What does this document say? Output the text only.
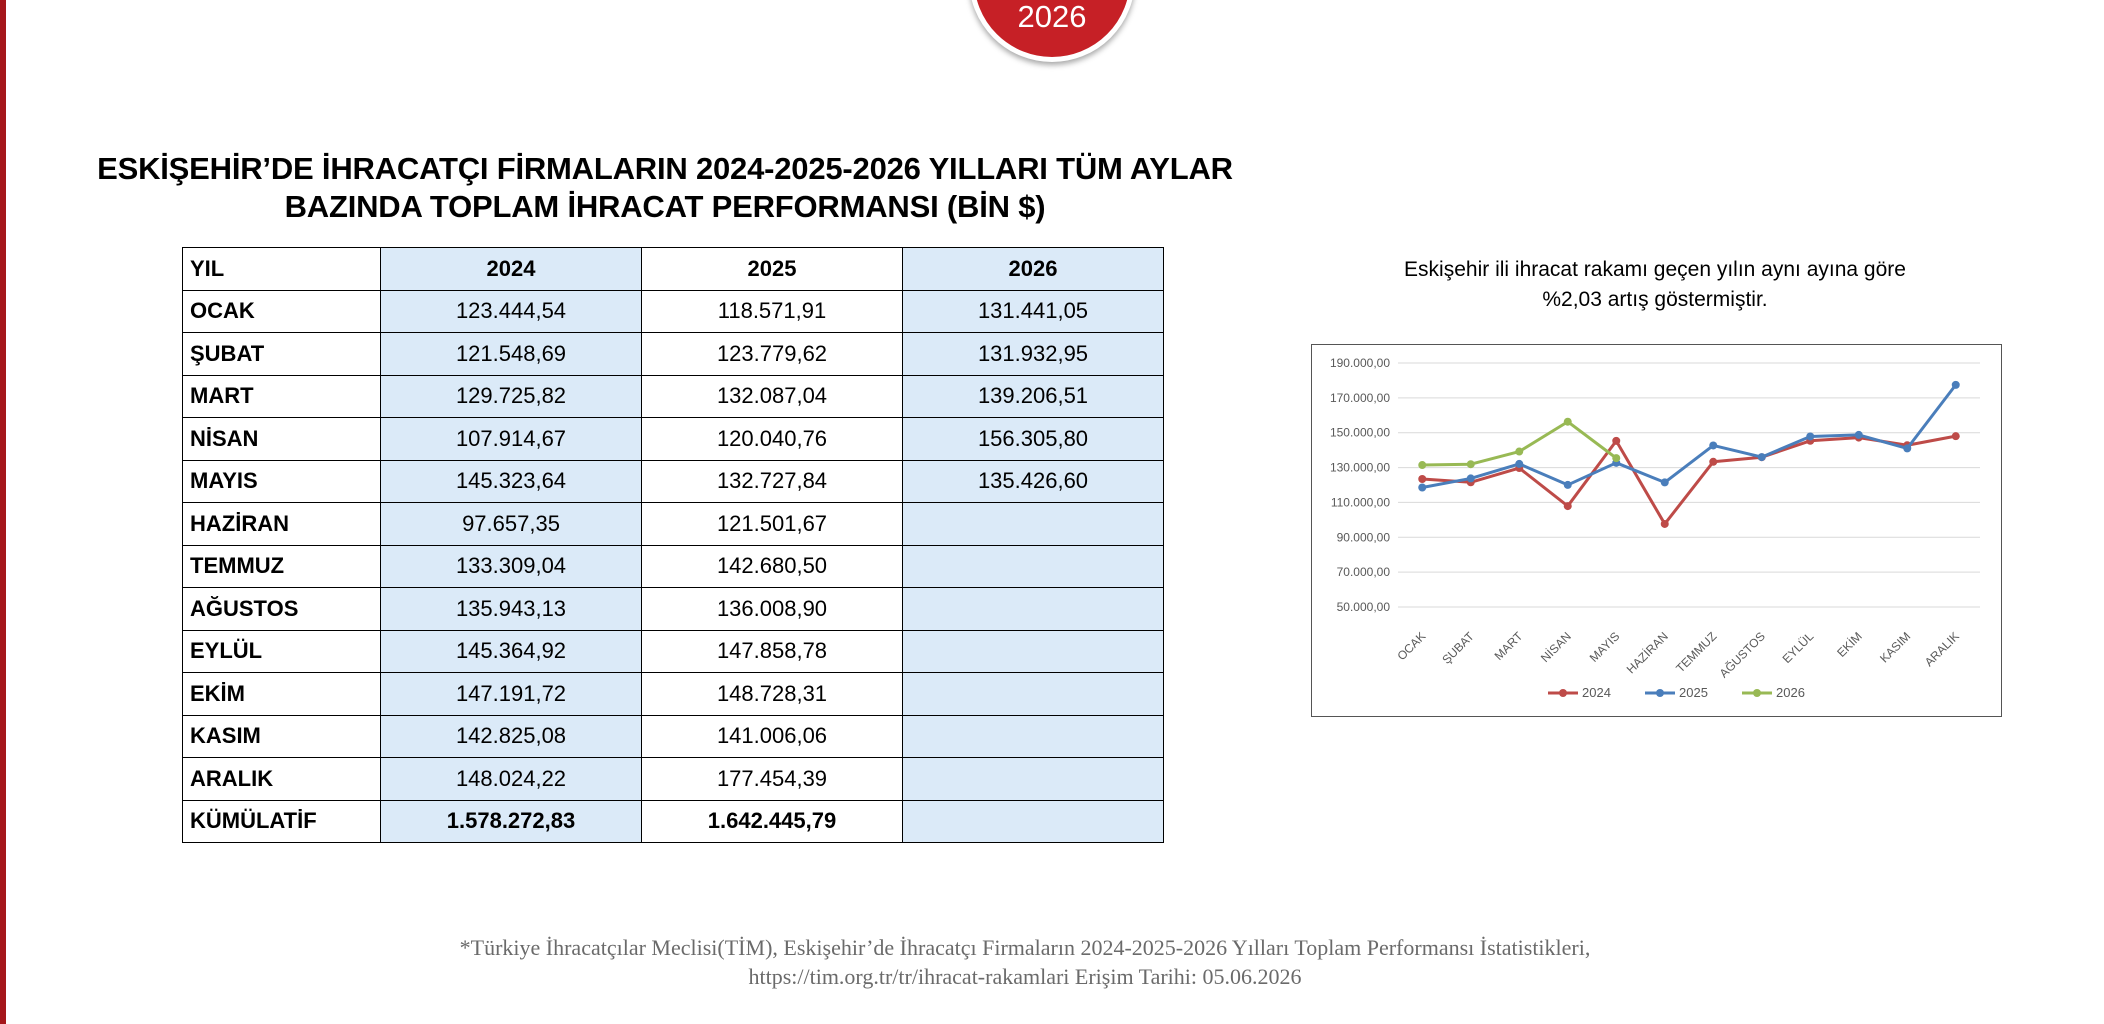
2026
ESKİŞEHİR’DE İHRACATÇI FİRMALARIN 2024-2025-2026 YILLARI TÜM AYLAR
BAZINDA TOPLAM İHRACAT PERFORMANSI (BİN $)
YIL	2024	2025	2026
OCAK	123.444,54	118.571,91	131.441,05
ŞUBAT	121.548,69	123.779,62	131.932,95
MART	129.725,82	132.087,04	139.206,51
NİSAN	107.914,67	120.040,76	156.305,80
MAYIS	145.323,64	132.727,84	135.426,60
HAZİRAN	97.657,35	121.501,67	
TEMMUZ	133.309,04	142.680,50	
AĞUSTOS	135.943,13	136.008,90	
EYLÜL	145.364,92	147.858,78	
EKİM	147.191,72	148.728,31	
KASIM	142.825,08	141.006,06	
ARALIK	148.024,22	177.454,39	
KÜMÜLATİF	1.578.272,83	1.642.445,79	
Eskişehir ili ihracat rakamı geçen yılın aynı ayına göre
%2,03 artış göstermiştir.
50.000,00
70.000,00
90.000,00
110.000,00
130.000,00
150.000,00
170.000,00
190.000,00
OCAK ŞUBAT MART NİSAN MAYIS HAZİRAN TEMMUZ
AĞUSTOS EYLÜL EKİM KASIM ARALIK
2024	2025	2026
*Türkiye İhracatçılar Meclisi(TİM), Eskişehir’de İhracatçı Firmaların 2024-2025-2026 Yılları Toplam Performansı İstatistikleri,
https://tim.org.tr/tr/ihracat-rakamlari Erişim Tarihi: 05.06.2026
